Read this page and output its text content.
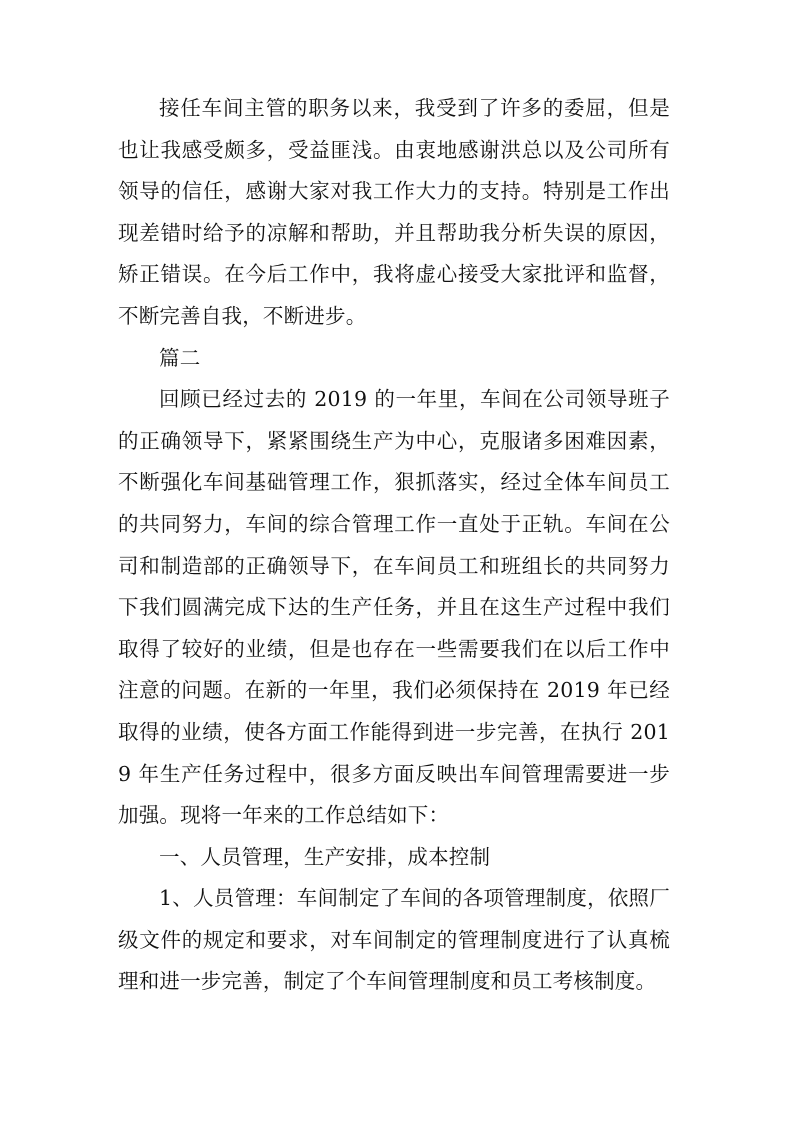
接任车间主管的职务以来，我受到了许多的委屈，但是也让我感受颇多，受益匪浅。由衷地感谢洪总以及公司所有领导的信任，感谢大家对我工作大力的支持。特别是工作出现差错时给予的凉解和帮助，并且帮助我分析失误的原因，矫正错误。在今后工作中，我将虚心接受大家批评和监督，不断完善自我，不断进步。

篇二

回顾已经过去的 2019 的一年里，车间在公司领导班子的正确领导下，紧紧围绕生产为中心，克服诸多困难因素，不断强化车间基础管理工作，狠抓落实，经过全体车间员工的共同努力，车间的综合管理工作一直处于正轨。车间在公司和制造部的正确领导下，在车间员工和班组长的共同努力下我们圆满完成下达的生产任务，并且在这生产过程中我们取得了较好的业绩，但是也存在一些需要我们在以后工作中注意的问题。在新的一年里，我们必须保持在 2019 年已经取得的业绩，使各方面工作能得到进一步完善，在执行 2019 年生产任务过程中，很多方面反映出车间管理需要进一步加强。现将一年来的工作总结如下：

一、人员管理，生产安排，成本控制

1、人员管理：车间制定了车间的各项管理制度，依照厂级文件的规定和要求，对车间制定的管理制度进行了认真梳理和进一步完善，制定了个车间管理制度和员工考核制度。
